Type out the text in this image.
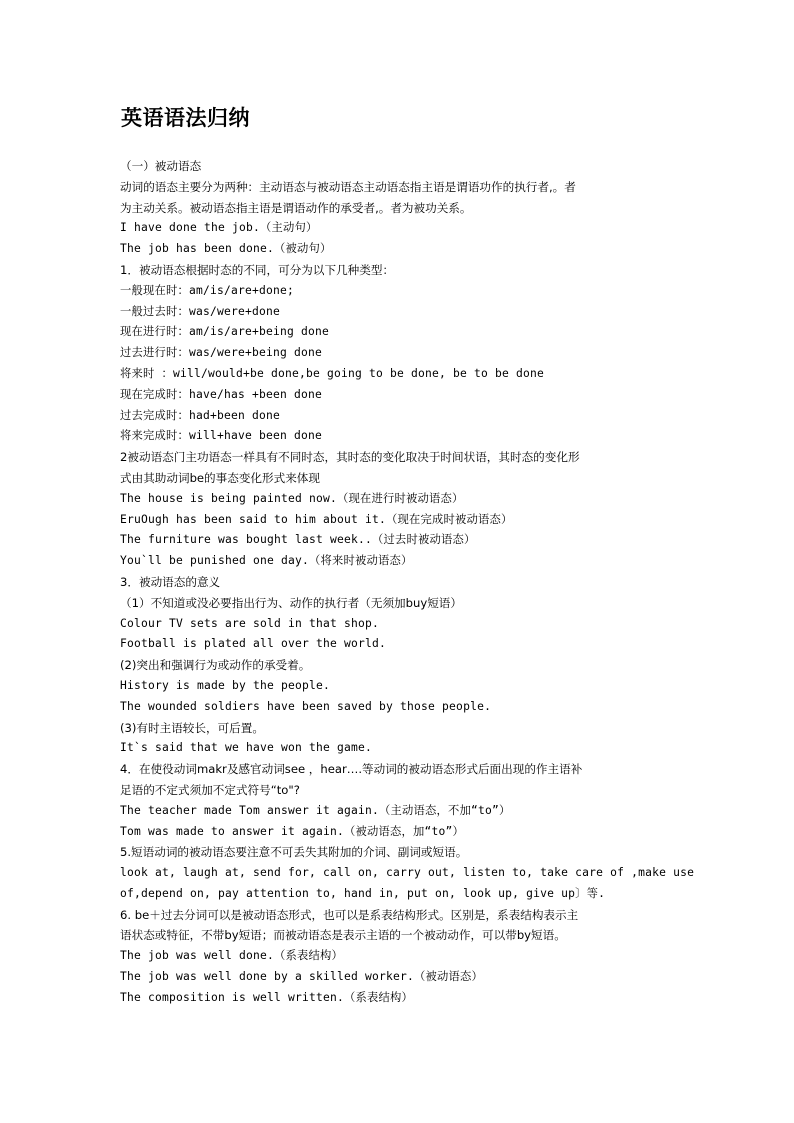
英语语法归纳
（一）被动语态
动词的语态主要分为两种：主动语态与被动语态主动语态指主语是谓语功作的执行者,。者
为主动关系。被动语态指主语是谓语动作的承受者,。者为被功关系。
I have done the job.（主动句）
The job has been done.（被动句）
1．被动语态根据时态的不同，可分为以下几种类型：
一般现在时：am/is/are+done;
一般过去时：was/were+done
现在进行时：am/is/are+being done
过去进行时：was/were+being done
将来时 ：will/would+be done,be going to be done, be to be done
现在完成时：have/has +been done
过去完成时：had+been done
将来完成时：will+have been done
2被动语态门主功语态一样具有不同时态，其时态的变化取决于时间状语，其时态的变化形
式由其助动词be的事态变化形式来体现
The house is being painted now.（现在进行时被动语态）
EruOugh has been said to him about it.（现在完成时被动语态）
The furniture was bought last week..（过去时被动语态）
You`ll be punished one day.（将来时被动语态）
3．被动语态的意义
（1）不知道或没必要指出行为、动作的执行者（无须加buy短语）
Colour TV sets are sold in that shop.
Football is plated all over the world.
(2)突出和强调行为或动作的承受着。
History is made by the people.
The wounded soldiers have been saved by those people.
(3)有时主语较长，可后置。
It`s said that we have won the game.
4．在使役动词makr及感官动词see ，hear….等动词的被动语态形式后面出现的作主语补
足语的不定式须加不定式符号“to"?
The teacher made Tom answer it again.（主动语态，不加“to”）
Tom was made to answer it again.（被动语态，加“to”）
5.短语动词的被动语态要注意不可丢失其附加的介词、副词或短语。
look at, laugh at, send for, call on, carry out, listen to, take care of ,make use
of,depend on, pay attention to, hand in, put on, look up, give up〕等.
6. be＋过去分词可以是被动语态形式，也可以是系表结构形式。区别是，系表结构表示主
语状态或特征，不带by短语；而被动语态是表示主语的一个被动动作，可以带by短语。
The job was well done.（系表结构）
The job was well done by a skilled worker.（被动语态）
The composition is well written.（系表结构）
